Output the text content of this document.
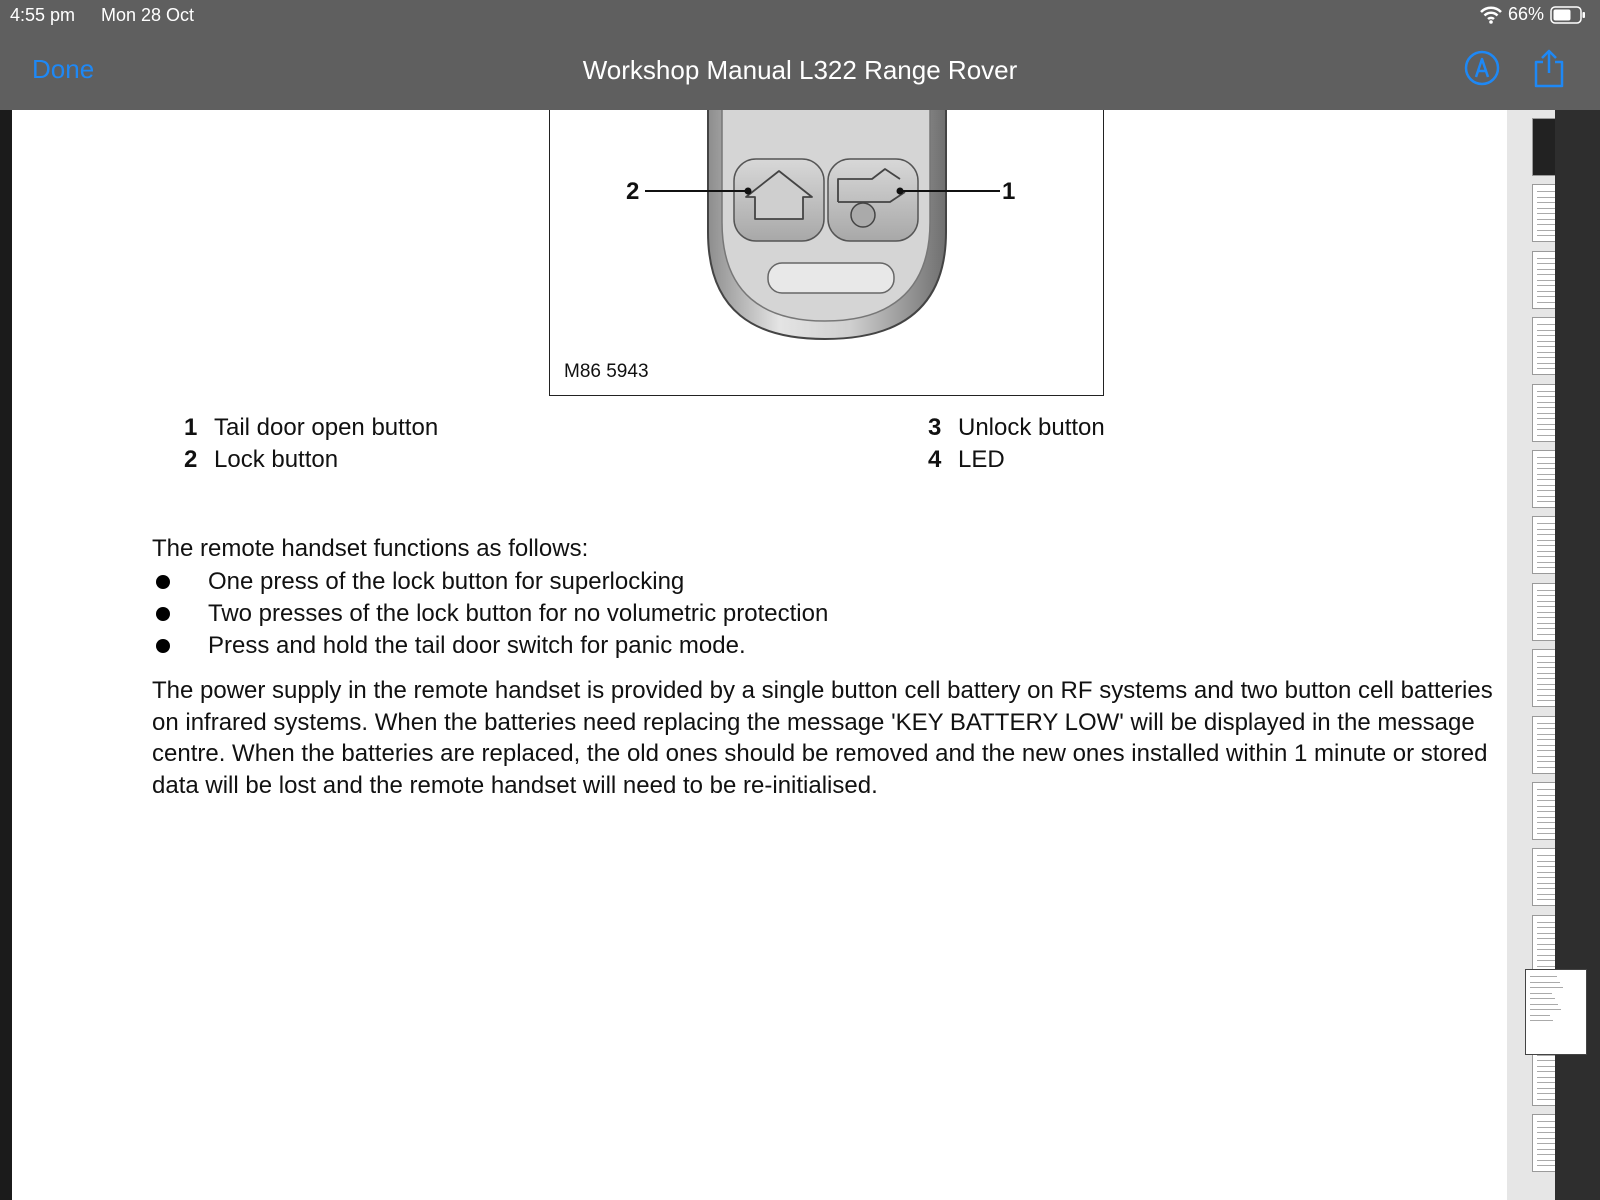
4:55 pm Mon 28 Oct	66%
Done	Workshop Manual L322 Range Rover
2	1
M86 5943
1 Tail door open button
2 Lock button
3 Unlock button
4 LED
The remote handset functions as follows:
One press of the lock button for superlocking
Two presses of the lock button for no volumetric protection
Press and hold the tail door switch for panic mode.

The power supply in the remote handset is provided by a single button cell battery on RF systems and two button cell batteries on infrared systems. When the batteries need replacing the message 'KEY BATTERY LOW' will be displayed in the message centre. When the batteries are replaced, the old ones should be removed and the new ones installed within 1 minute or stored data will be lost and the remote handset will need to be re-initialised.
